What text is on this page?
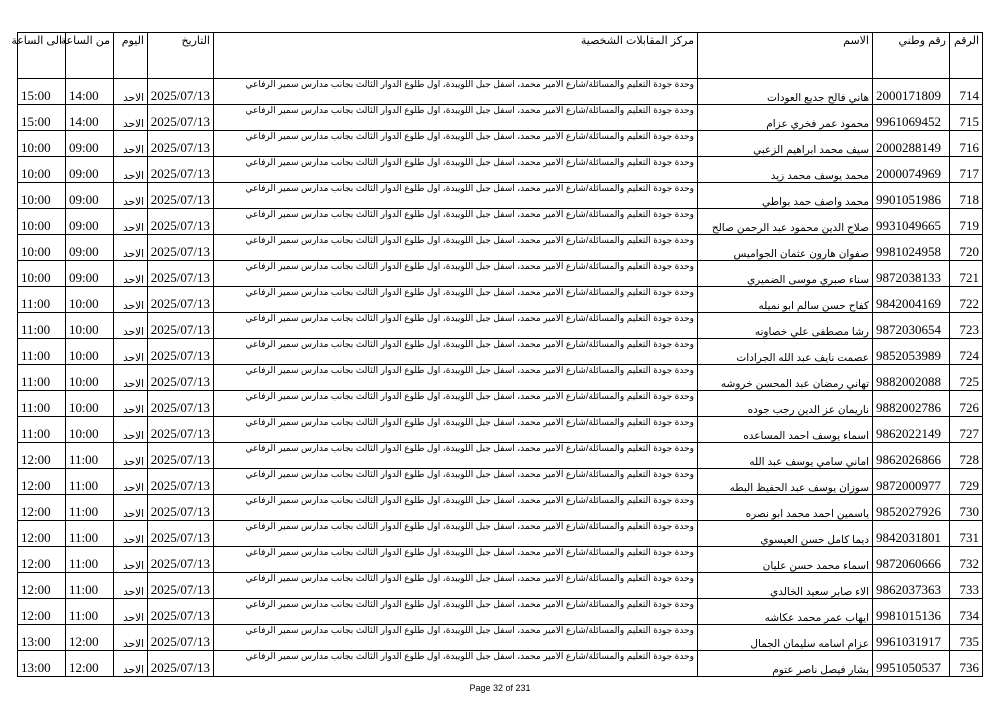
الرقم	رقم وطني	الاسم	مركز المقابلات الشخصية	التاريخ	اليوم	من الساعة	الى الساعة
714	2000171809	هاني فالح جديع العودات	وحدة جودة التعليم والمسائلة/شارع الامير محمد، اسفل جبل اللويبدة، اول طلوع الدوار الثالث بجانب مدارس سمير الرفاعي	2025/07/13	الاحد	14:00	15:00
715	9961069452	محمود عمر فخري عزام	وحدة جودة التعليم والمسائلة/شارع الامير محمد، اسفل جبل اللويبدة، اول طلوع الدوار الثالث بجانب مدارس سمير الرفاعي	2025/07/13	الاحد	14:00	15:00
716	2000288149	سيف محمد ابراهيم الزعبي	وحدة جودة التعليم والمسائلة/شارع الامير محمد، اسفل جبل اللويبدة، اول طلوع الدوار الثالث بجانب مدارس سمير الرفاعي	2025/07/13	الاحد	09:00	10:00
717	2000074969	محمد يوسف محمد زيد	وحدة جودة التعليم والمسائلة/شارع الامير محمد، اسفل جبل اللويبدة، اول طلوع الدوار الثالث بجانب مدارس سمير الرفاعي	2025/07/13	الاحد	09:00	10:00
718	9901051986	محمد واصف حمد بواطي	وحدة جودة التعليم والمسائلة/شارع الامير محمد، اسفل جبل اللويبدة، اول طلوع الدوار الثالث بجانب مدارس سمير الرفاعي	2025/07/13	الاحد	09:00	10:00
719	9931049665	صلاح الدين محمود عبد الرحمن صالح	وحدة جودة التعليم والمسائلة/شارع الامير محمد، اسفل جبل اللويبدة، اول طلوع الدوار الثالث بجانب مدارس سمير الرفاعي	2025/07/13	الاحد	09:00	10:00
720	9981024958	صفوان هارون عثمان الجواميس	وحدة جودة التعليم والمسائلة/شارع الامير محمد، اسفل جبل اللويبدة، اول طلوع الدوار الثالث بجانب مدارس سمير الرفاعي	2025/07/13	الاحد	09:00	10:00
721	9872038133	سناء صبري موسى الضميري	وحدة جودة التعليم والمسائلة/شارع الامير محمد، اسفل جبل اللويبدة، اول طلوع الدوار الثالث بجانب مدارس سمير الرفاعي	2025/07/13	الاحد	09:00	10:00
722	9842004169	كفاح حسن سالم ابو نميله	وحدة جودة التعليم والمسائلة/شارع الامير محمد، اسفل جبل اللويبدة، اول طلوع الدوار الثالث بجانب مدارس سمير الرفاعي	2025/07/13	الاحد	10:00	11:00
723	9872030654	رشا مصطفى علي خصاونه	وحدة جودة التعليم والمسائلة/شارع الامير محمد، اسفل جبل اللويبدة، اول طلوع الدوار الثالث بجانب مدارس سمير الرفاعي	2025/07/13	الاحد	10:00	11:00
724	9852053989	عصمت نايف عبد الله الجرادات	وحدة جودة التعليم والمسائلة/شارع الامير محمد، اسفل جبل اللويبدة، اول طلوع الدوار الثالث بجانب مدارس سمير الرفاعي	2025/07/13	الاحد	10:00	11:00
725	9882002088	تهاني رمضان عبد المحسن خروشه	وحدة جودة التعليم والمسائلة/شارع الامير محمد، اسفل جبل اللويبدة، اول طلوع الدوار الثالث بجانب مدارس سمير الرفاعي	2025/07/13	الاحد	10:00	11:00
726	9882002786	ناريمان عز الدين رجب جوده	وحدة جودة التعليم والمسائلة/شارع الامير محمد، اسفل جبل اللويبدة، اول طلوع الدوار الثالث بجانب مدارس سمير الرفاعي	2025/07/13	الاحد	10:00	11:00
727	9862022149	اسماء يوسف احمد المساعده	وحدة جودة التعليم والمسائلة/شارع الامير محمد، اسفل جبل اللويبدة، اول طلوع الدوار الثالث بجانب مدارس سمير الرفاعي	2025/07/13	الاحد	10:00	11:00
728	9862026866	اماني سامي يوسف عبد الله	وحدة جودة التعليم والمسائلة/شارع الامير محمد، اسفل جبل اللويبدة، اول طلوع الدوار الثالث بجانب مدارس سمير الرفاعي	2025/07/13	الاحد	11:00	12:00
729	9872000977	سوزان يوسف عبد الحفيظ البطه	وحدة جودة التعليم والمسائلة/شارع الامير محمد، اسفل جبل اللويبدة، اول طلوع الدوار الثالث بجانب مدارس سمير الرفاعي	2025/07/13	الاحد	11:00	12:00
730	9852027926	ياسمين احمد محمد ابو نصره	وحدة جودة التعليم والمسائلة/شارع الامير محمد، اسفل جبل اللويبدة، اول طلوع الدوار الثالث بجانب مدارس سمير الرفاعي	2025/07/13	الاحد	11:00	12:00
731	9842031801	ديما كامل حسن العيسوي	وحدة جودة التعليم والمسائلة/شارع الامير محمد، اسفل جبل اللويبدة، اول طلوع الدوار الثالث بجانب مدارس سمير الرفاعي	2025/07/13	الاحد	11:00	12:00
732	9872060666	اسماء محمد حسن عليان	وحدة جودة التعليم والمسائلة/شارع الامير محمد، اسفل جبل اللويبدة، اول طلوع الدوار الثالث بجانب مدارس سمير الرفاعي	2025/07/13	الاحد	11:00	12:00
733	9862037363	الاء صابر سعيد الخالدي	وحدة جودة التعليم والمسائلة/شارع الامير محمد، اسفل جبل اللويبدة، اول طلوع الدوار الثالث بجانب مدارس سمير الرفاعي	2025/07/13	الاحد	11:00	12:00
734	9981015136	ايهاب عمر محمد عكاشه	وحدة جودة التعليم والمسائلة/شارع الامير محمد، اسفل جبل اللويبدة، اول طلوع الدوار الثالث بجانب مدارس سمير الرفاعي	2025/07/13	الاحد	11:00	12:00
735	9961031917	عزام اسامه سليمان الجمال	وحدة جودة التعليم والمسائلة/شارع الامير محمد، اسفل جبل اللويبدة، اول طلوع الدوار الثالث بجانب مدارس سمير الرفاعي	2025/07/13	الاحد	12:00	13:00
736	9951050537	بشار فيصل ناصر عتوم	وحدة جودة التعليم والمسائلة/شارع الامير محمد، اسفل جبل اللويبدة، اول طلوع الدوار الثالث بجانب مدارس سمير الرفاعي	2025/07/13	الاحد	12:00	13:00
Page 32 of 231
